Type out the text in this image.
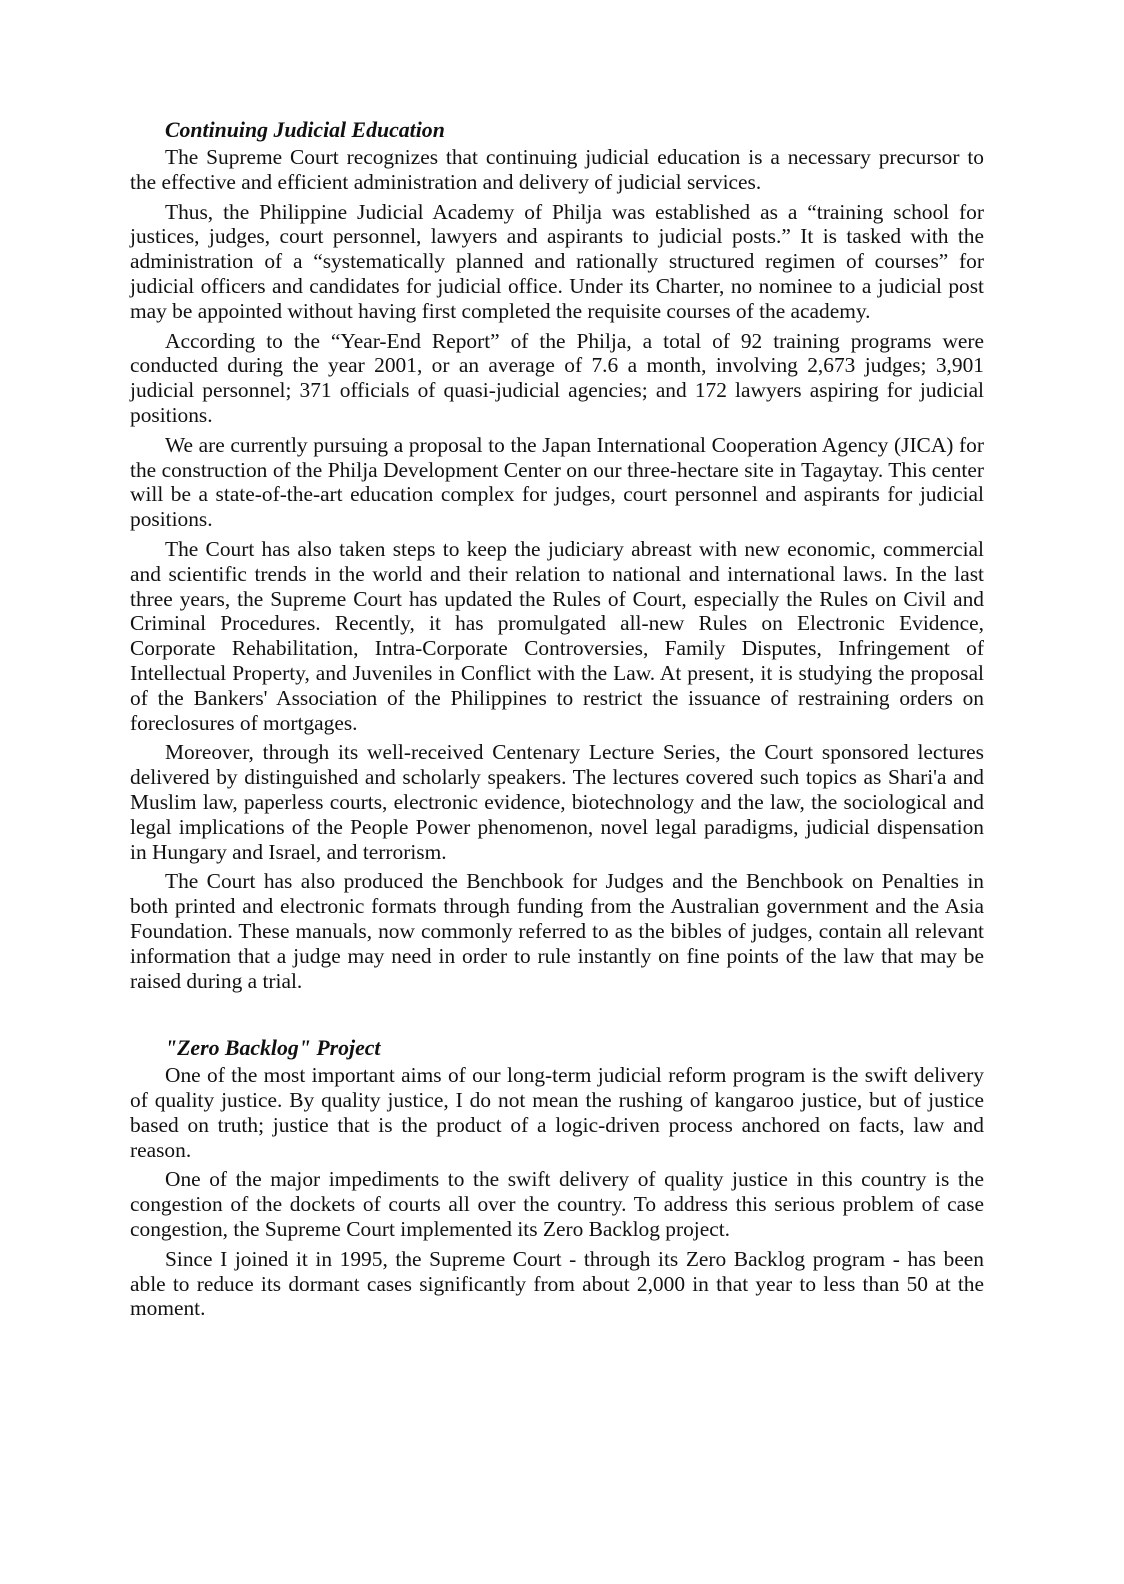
Continuing Judicial Education

The Supreme Court recognizes that continuing judicial education is a necessary precursor to the effective and efficient administration and delivery of judicial services.

Thus, the Philippine Judicial Academy of Philja was established as a “training school for justices, judges, court personnel, lawyers and aspirants to judicial posts.” It is tasked with the administration of a “systematically planned and rationally structured regimen of courses” for judicial officers and candidates for judicial office. Under its Charter, no nominee to a judicial post may be appointed without having first completed the requisite courses of the academy.

According to the “Year-End Report” of the Philja, a total of 92 training programs were conducted during the year 2001, or an average of 7.6 a month, involving 2,673 judges; 3,901 judicial personnel; 371 officials of quasi-judicial agencies; and 172 lawyers aspiring for judicial positions.

We are currently pursuing a proposal to the Japan International Cooperation Agency (JICA) for the construction of the Philja Development Center on our three-hectare site in Tagaytay. This center will be a state-of-the-art education complex for judges, court personnel and aspirants for judicial positions.

The Court has also taken steps to keep the judiciary abreast with new economic, commercial and scientific trends in the world and their relation to national and international laws. In the last three years, the Supreme Court has updated the Rules of Court, especially the Rules on Civil and Criminal Procedures. Recently, it has promulgated all-new Rules on Electronic Evidence, Corporate Rehabilitation, Intra-Corporate Controversies, Family Disputes, Infringement of Intellectual Property, and Juveniles in Conflict with the Law. At present, it is studying the proposal of the Bankers' Association of the Philippines to restrict the issuance of restraining orders on foreclosures of mortgages.

Moreover, through its well-received Centenary Lecture Series, the Court sponsored lectures delivered by distinguished and scholarly speakers. The lectures covered such topics as Shari'a and Muslim law, paperless courts, electronic evidence, biotechnology and the law, the sociological and legal implications of the People Power phenomenon, novel legal paradigms, judicial dispensation in Hungary and Israel, and terrorism.

The Court has also produced the Benchbook for Judges and the Benchbook on Penalties in both printed and electronic formats through funding from the Australian government and the Asia Foundation. These manuals, now commonly referred to as the bibles of judges, contain all relevant information that a judge may need in order to rule instantly on fine points of the law that may be raised during a trial.

"Zero Backlog" Project

One of the most important aims of our long-term judicial reform program is the swift delivery of quality justice. By quality justice, I do not mean the rushing of kangaroo justice, but of justice based on truth; justice that is the product of a logic-driven process anchored on facts, law and reason.

One of the major impediments to the swift delivery of quality justice in this country is the congestion of the dockets of courts all over the country. To address this serious problem of case congestion, the Supreme Court implemented its Zero Backlog project.

Since I joined it in 1995, the Supreme Court - through its Zero Backlog program - has been able to reduce its dormant cases significantly from about 2,000 in that year to less than 50 at the moment.
